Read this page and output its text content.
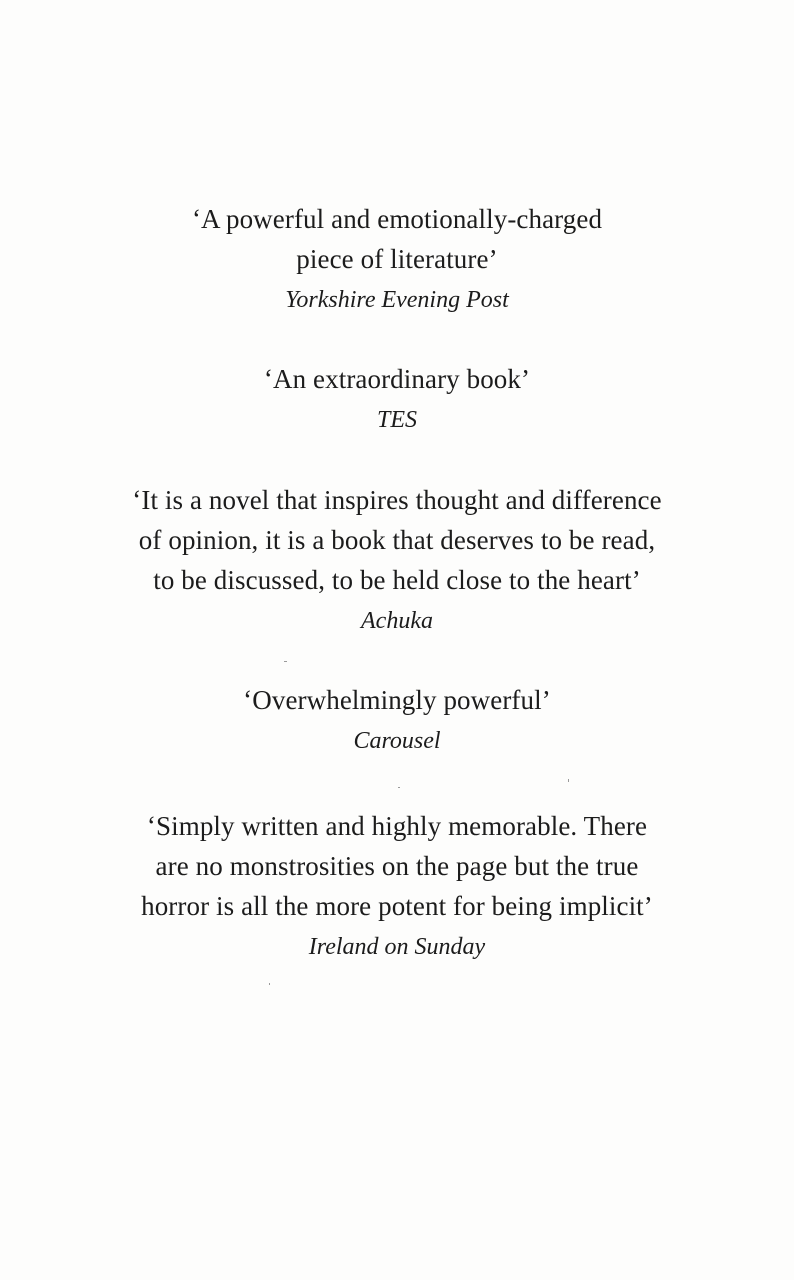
‘A powerful and emotionally-charged
piece of literature’
Yorkshire Evening Post
‘An extraordinary book’
TES
‘It is a novel that inspires thought and difference
of opinion, it is a book that deserves to be read,
to be discussed, to be held close to the heart’
Achuka
‘Overwhelmingly powerful’
Carousel
‘Simply written and highly memorable. There
are no monstrosities on the page but the true
horror is all the more potent for being implicit’
Ireland on Sunday
